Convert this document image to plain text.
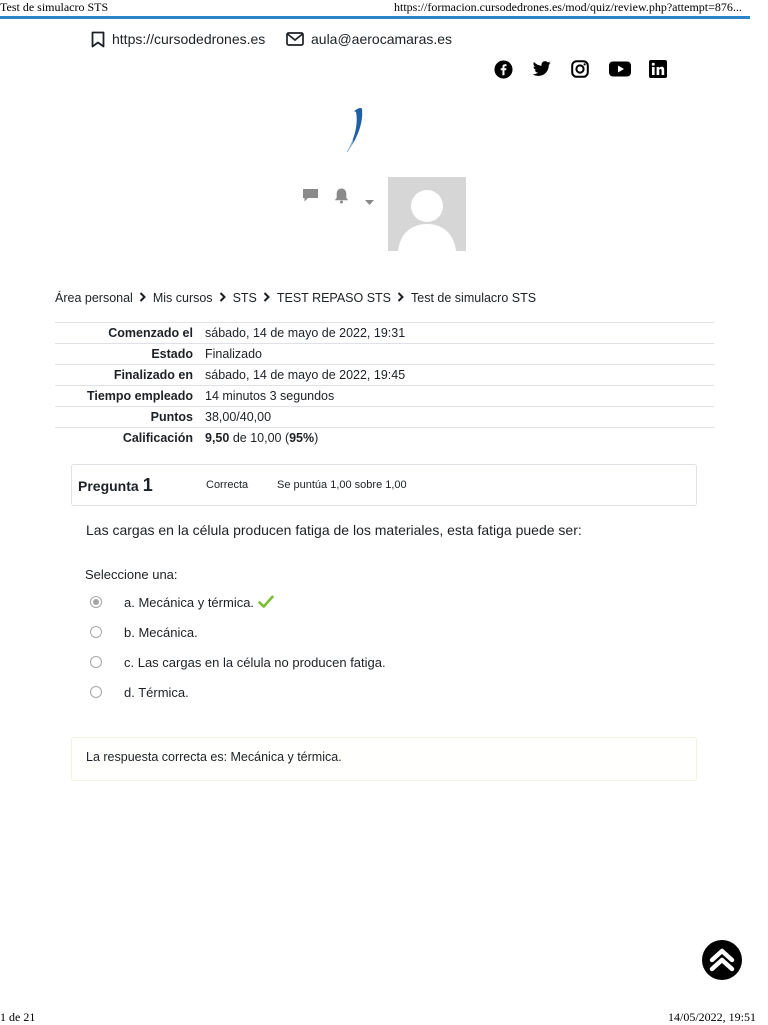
Test de simulacro STS	https://formacion.cursodedrones.es/mod/quiz/review.php?attempt=876...
https://cursodedrones.es	aula@aerocamaras.es
Área personal Mis cursos STS TEST REPASO STS Test de simulacro STS
Comenzado el sábado, 14 de mayo de 2022, 19:31
Estado Finalizado
Finalizado en sábado, 14 de mayo de 2022, 19:45
Tiempo empleado 14 minutos 3 segundos
Puntos 38,00/40,00
Calificación 9,50 de 10,00 (95%)
Pregunta 1	Correcta	Se puntúa 1,00 sobre 1,00
Las cargas en la célula producen fatiga de los materiales, esta fatiga puede ser:
Seleccione una:
a. Mecánica y térmica.
b. Mecánica.
c. Las cargas en la célula no producen fatiga.
d. Térmica.
La respuesta correcta es: Mecánica y térmica.
1 de 21	14/05/2022, 19:51
